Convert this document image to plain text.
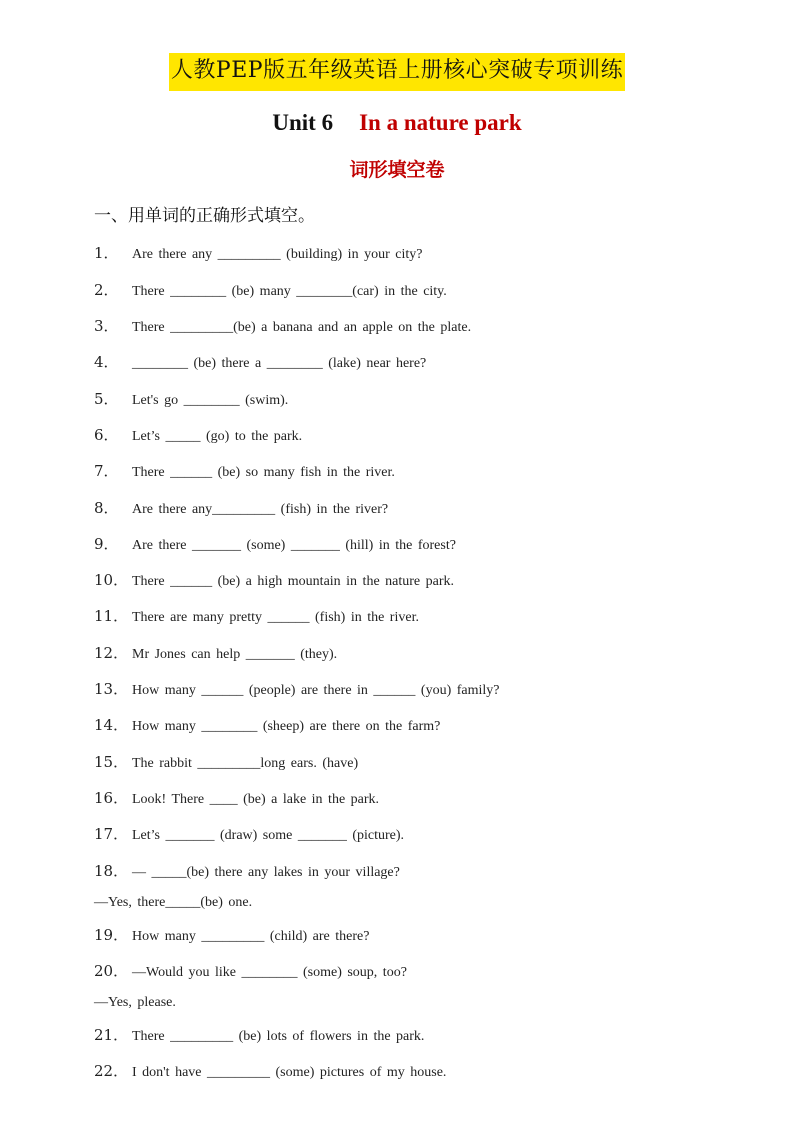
人教PEP版五年级英语上册核心突破专项训练
Unit 6 In a nature park
词形填空卷
一、用单词的正确形式填空。
1． Are there any _________ (building) in your city?
2． There ________ (be) many ________(car) in the city.
3． There _________(be) a banana and an apple on the plate.
4． ________ (be) there a ________ (lake) near here?
5． Let's go ________ (swim).
6． Let’s _____ (go) to the park.
7． There ______ (be) so many fish in the river.
8． Are there any_________ (fish) in the river?
9． Are there _______ (some) _______ (hill) in the forest?
10． There ______ (be) a high mountain in the nature park.
11． There are many pretty ______ (fish) in the river.
12． Mr Jones can help _______ (they).
13． How many ______ (people) are there in ______ (you) family?
14． How many ________ (sheep) are there on the farm?
15． The rabbit _________long ears. (have)
16． Look! There ____ (be) a lake in the park.
17． Let’s _______ (draw) some _______ (picture).
18． — _____(be) there any lakes in your village?
—Yes, there_____(be) one.
19． How many _________ (child) are there?
20． —Would you like ________ (some) soup, too?
—Yes, please.
21． There _________ (be) lots of flowers in the park.
22． I don't have _________ (some) pictures of my house.
